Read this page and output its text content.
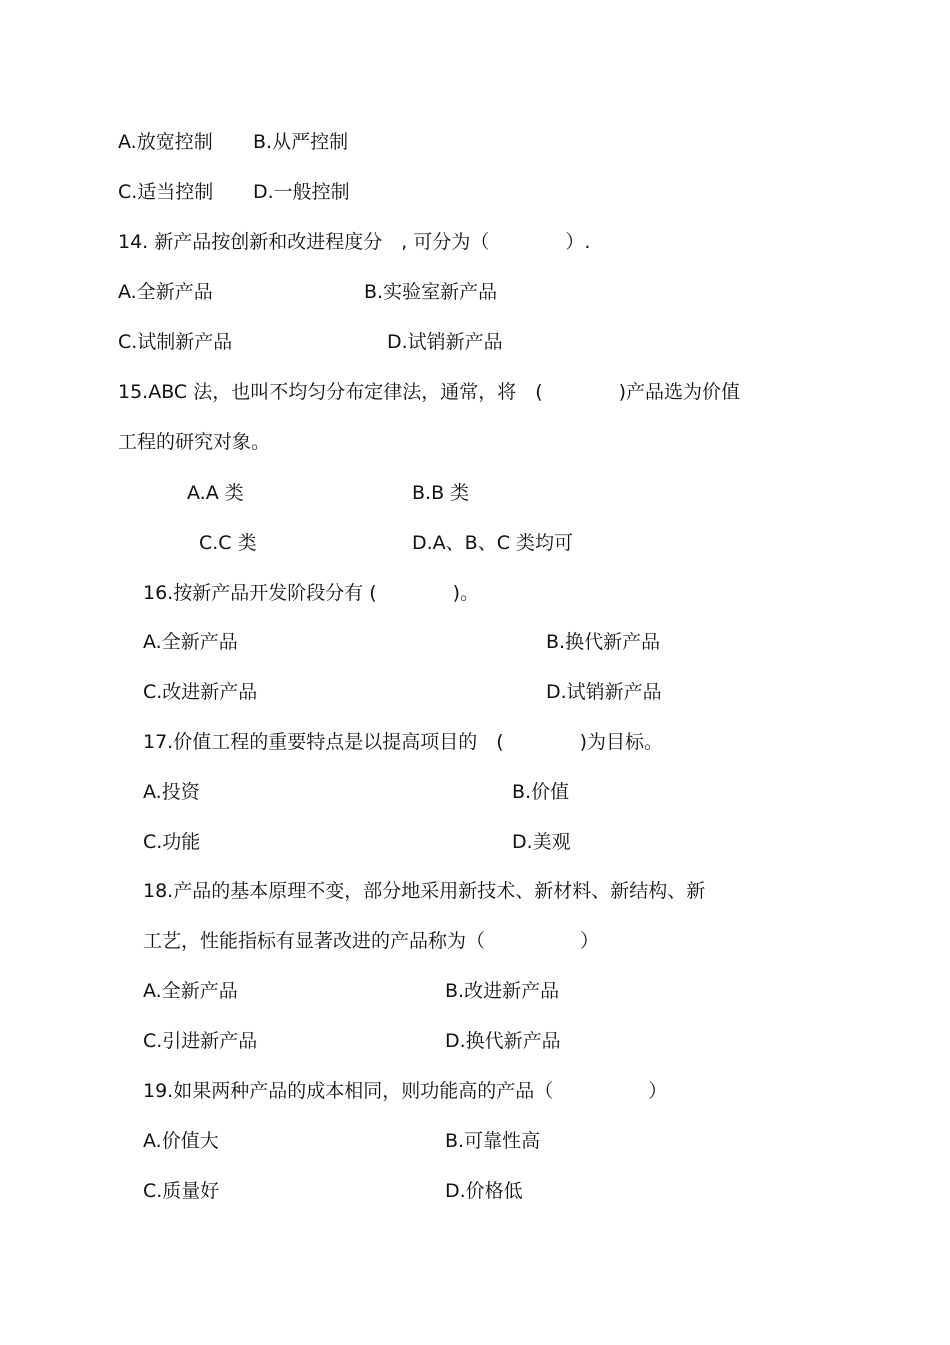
A.放宽控制 B.从严控制
C.适当控制 D.一般控制
14. 新产品按创新和改进程度分　, 可分为（　　　　）.
A.全新产品	B.实验室新产品
C.试制新产品	D.试销新产品
15.ABC 法，也叫不均匀分布定律法，通常，将　(　　　　)产品选为价值
工程的研究对象。
A.A 类	B.B 类
C.C 类	D.A、B、C 类均可
16.按新产品开发阶段分有 (　　　　)。
A.全新产品	B.换代新产品
C.改进新产品	D.试销新产品
17.价值工程的重要特点是以提高项目的　(　　　　)为目标。
A.投资	B.价值
C.功能	D.美观
18.产品的基本原理不变，部分地采用新技术、新材料、新结构、新
工艺，性能指标有显著改进的产品称为（　　　　　）
A.全新产品	B.改进新产品
C.引进新产品	D.换代新产品
19.如果两种产品的成本相同，则功能高的产品（　　　　　）
A.价值大	B.可靠性高
C.质量好	D.价格低
